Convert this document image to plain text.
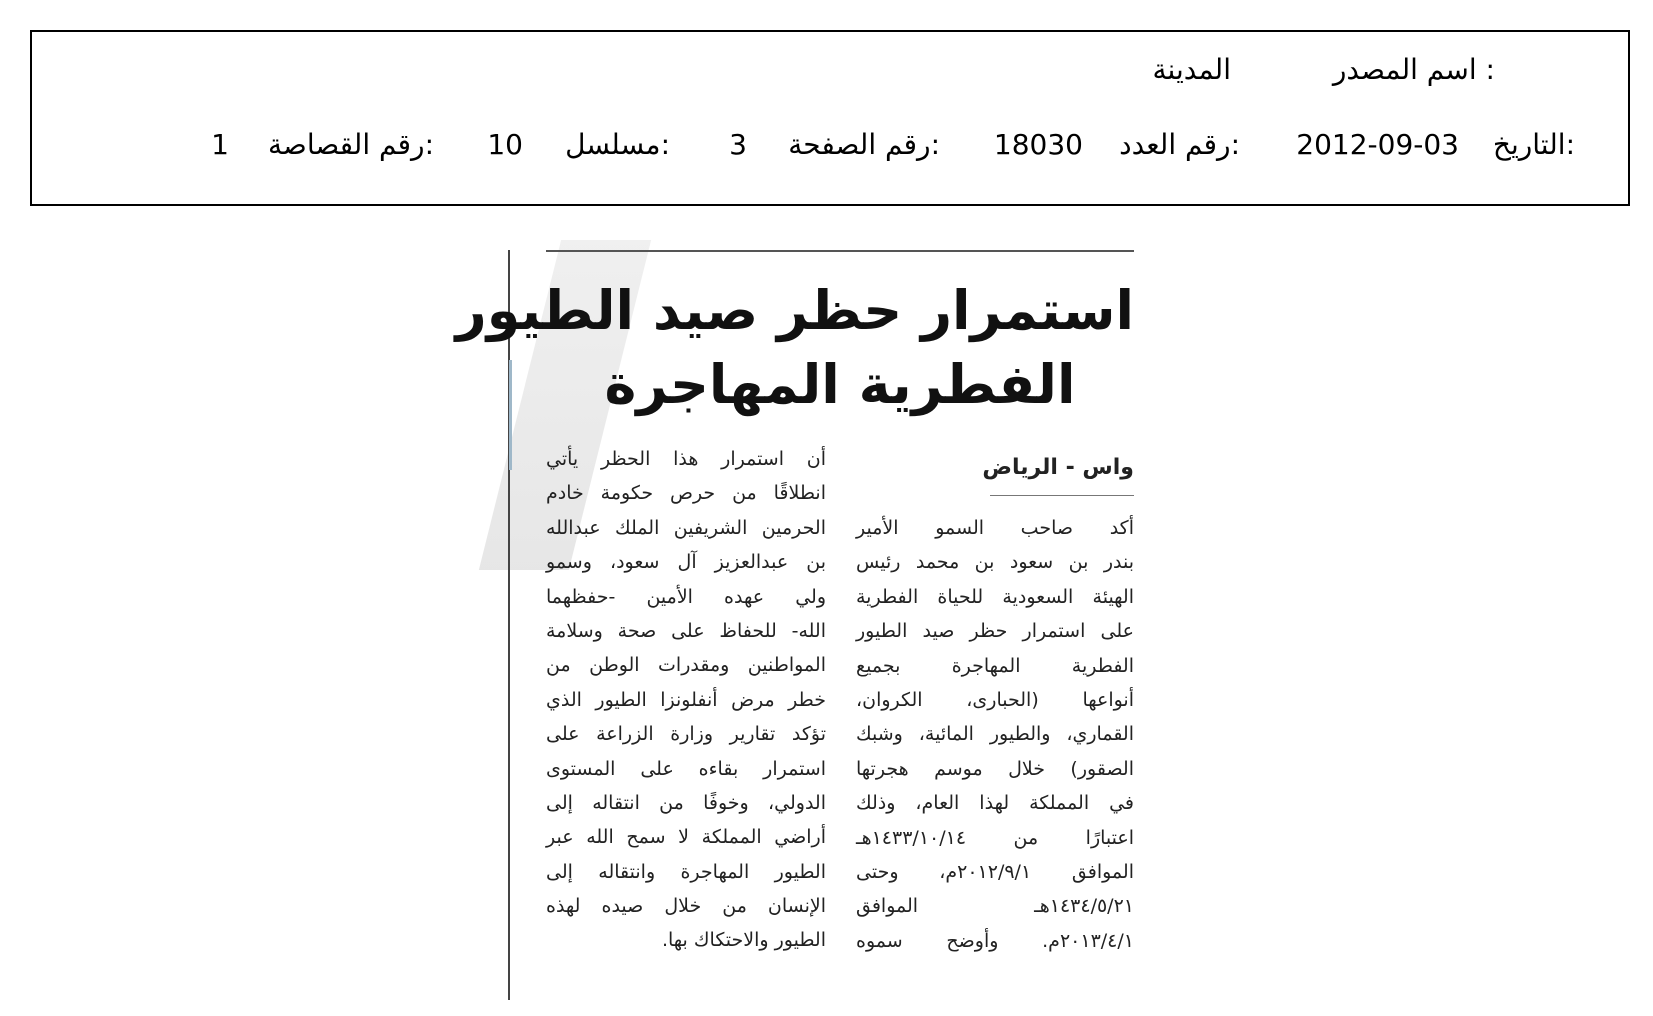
اسم المصدر :
المدينة
التاريخ:
2012-09-03
رقم العدد:
18030
رقم الصفحة:
3
مسلسل:
10
رقم القصاصة:
1
استمرار حظر صيد الطيور
الفطرية المهاجرة
واس - الرياض
أكد صاحب السمو الأمير
بندر بن سعود بن محمد رئيس
الهيئة السعودية للحياة الفطرية
على استمرار حظر صيد الطيور
الفطرية المهاجرة بجميع
أنواعها (الحبارى، الكروان،
القماري، والطيور المائية، وشبك
الصقور) خلال موسم هجرتها
في المملكة لهذا العام، وذلك
اعتبارًا من ١٤٣٣/١٠/١٤هـ
الموافق ٢٠١٢/٩/١م، وحتى
١٤٣٤/٥/٢١هـ الموافق
٢٠١٣/٤/١م. وأوضح سموه
أن استمرار هذا الحظر يأتي
انطلاقًا من حرص حكومة خادم
الحرمين الشريفين الملك عبدالله
بن عبدالعزيز آل سعود، وسمو
ولي عهده الأمين -حفظهما
الله- للحفاظ على صحة وسلامة
المواطنين ومقدرات الوطن من
خطر مرض أنفلونزا الطيور الذي
تؤكد تقارير وزارة الزراعة على
استمرار بقاءه على المستوى
الدولي، وخوفًا من انتقاله إلى
أراضي المملكة لا سمح الله عبر
الطيور المهاجرة وانتقاله إلى
الإنسان من خلال صيده لهذه
الطيور والاحتكاك بها.
